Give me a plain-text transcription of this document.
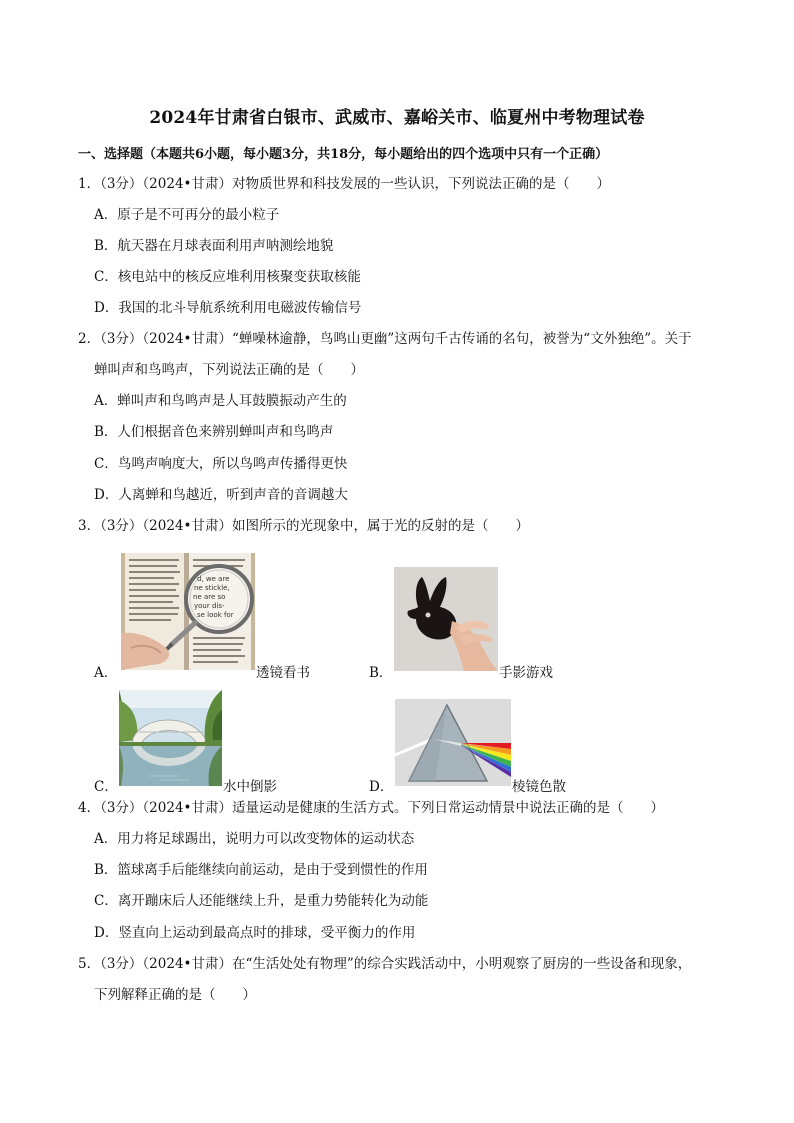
2024年甘肃省白银市、武威市、嘉峪关市、临夏州中考物理试卷
一、选择题（本题共6小题，每小题3分，共18分，每小题给出的四个选项中只有一个正确）
1．（3分）（2024•甘肃）对物质世界和科技发展的一些认识，下列说法正确的是（　　）
A．原子是不可再分的最小粒子
B．航天器在月球表面利用声呐测绘地貌
C．核电站中的核反应堆利用核聚变获取核能
D．我国的北斗导航系统利用电磁波传输信号
2．（3分）（2024•甘肃）“蝉噪林逾静，鸟鸣山更幽”这两句千古传诵的名句，被誉为“文外独绝”。关于
蝉叫声和鸟鸣声，下列说法正确的是（　　）
A．蝉叫声和鸟鸣声是人耳鼓膜振动产生的
B．人们根据音色来辨别蝉叫声和鸟鸣声
C．鸟鸣声响度大，所以鸟鸣声传播得更快
D．人离蝉和鸟越近，听到声音的音调越大
3．（3分）（2024•甘肃）如图所示的光现象中，属于光的反射的是（　　）
A．
d, we are ne stickle, ne are so your dis- se look for
透镜看书	B．	手影游戏
C．	水中倒影	D．	棱镜色散
4．（3分）（2024•甘肃）适量运动是健康的生活方式。下列日常运动情景中说法正确的是（　　）
A．用力将足球踢出，说明力可以改变物体的运动状态
B．篮球离手后能继续向前运动，是由于受到惯性的作用
C．离开蹦床后人还能继续上升，是重力势能转化为动能
D．竖直向上运动到最高点时的排球，受平衡力的作用
5．（3分）（2024•甘肃）在“生活处处有物理”的综合实践活动中，小明观察了厨房的一些设备和现象，
下列解释正确的是（　　）
